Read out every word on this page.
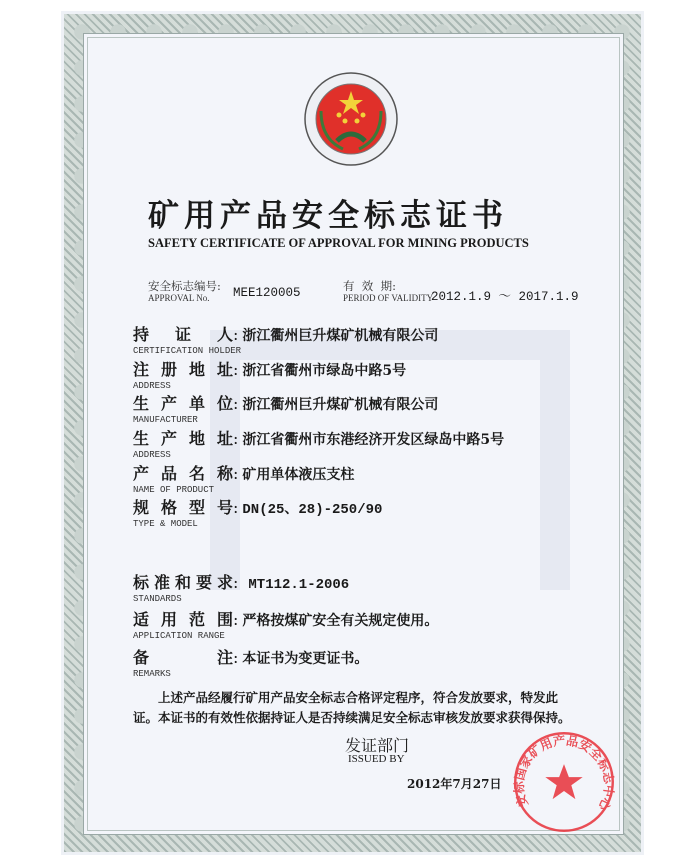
矿用产品安全标志证书
SAFETY CERTIFICATE OF APPROVAL FOR MINING PRODUCTS
安全标志编号:
APPROVAL No. MEE120005	有  效  期:
PERIOD OF VALIDITY
2012.1.9 ～ 2017.1.9
持证人: 浙江衢州巨升煤矿机械有限公司
CERTIFICATION HOLDER
注册地址: 浙江省衢州市绿岛中路5号
ADDRESS
生产单位: 浙江衢州巨升煤矿机械有限公司
MANUFACTURER
生产地址: 浙江省衢州市东港经济开发区绿岛中路5号
ADDRESS
产品名称: 矿用单体液压支柱
NAME OF PRODUCT
规格型号: DN(25、28)-250/90
TYPE & MODEL
标准和要求: MT112.1-2006
STANDARDS
适用范围: 严格按煤矿安全有关规定使用。
APPLICATION RANGE
备注: 本证书为变更证书。
REMARKS
上述产品经履行矿用产品安全标志合格评定程序，符合发放要求，特发此
证。本证书的有效性依据持证人是否持续满足安全标志审核发放要求获得保持。
安标国家矿用产品安全标志中心
发证部门
ISSUED BY
2012年7月27日
